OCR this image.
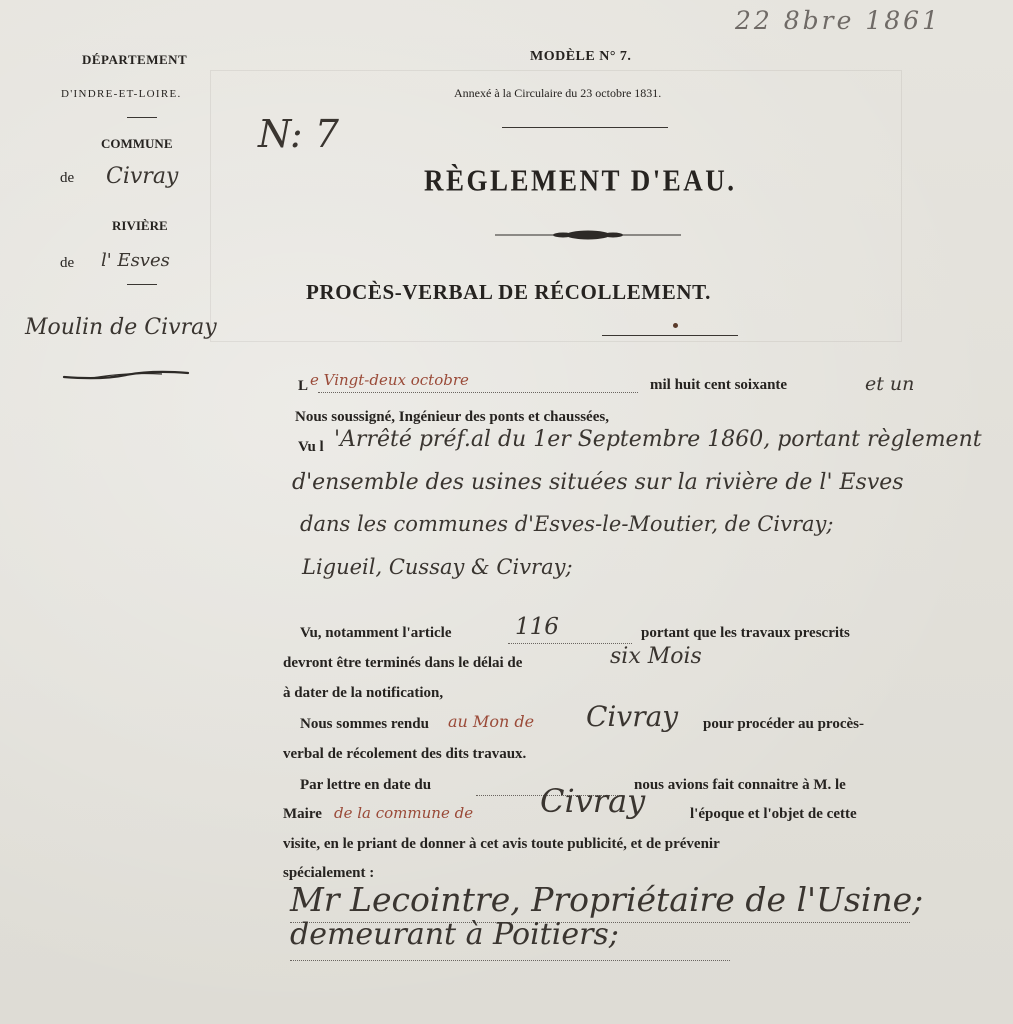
22 8bre 1861
DÉPARTEMENT
D'INDRE-ET-LOIRE.
COMMUNE
de Civray
RIVIÈRE
de l' Esves
Moulin de Civray
N: 7
MODÈLE N° 7.
Annexé à la Circulaire du 23 octobre 1831.
RÈGLEMENT D'EAU.
PROCÈS-VERBAL DE RÉCOLLEMENT.
L e Vingt-deux octobre	mil huit cent soixante	et un
Nous soussigné, Ingénieur des ponts et chaussées,
Vu l 'Arrêté préf.al du 1er Septembre 1860, portant règlement
d'ensemble des usines situées sur la rivière de l' Esves
dans les communes d'Esves-le-Moutier, de Civray;
Ligueil, Cussay & Civray;
Vu, notamment l'article	116	portant que les travaux prescrits
devront être terminés dans le délai de	six Mois
à dater de la notification,
Nous sommes rendu au Mon de Civray pour procéder au procès-
verbal de récolement des dits travaux.
Par lettre en date du	nous avions fait connaitre à M. le
Maire de la commune de Civray	l'époque et l'objet de cette
visite, en le priant de donner à cet avis toute publicité, et de prévenir
spécialement :
Mr Lecointre, Propriétaire de l'Usine;
demeurant à Poitiers;
